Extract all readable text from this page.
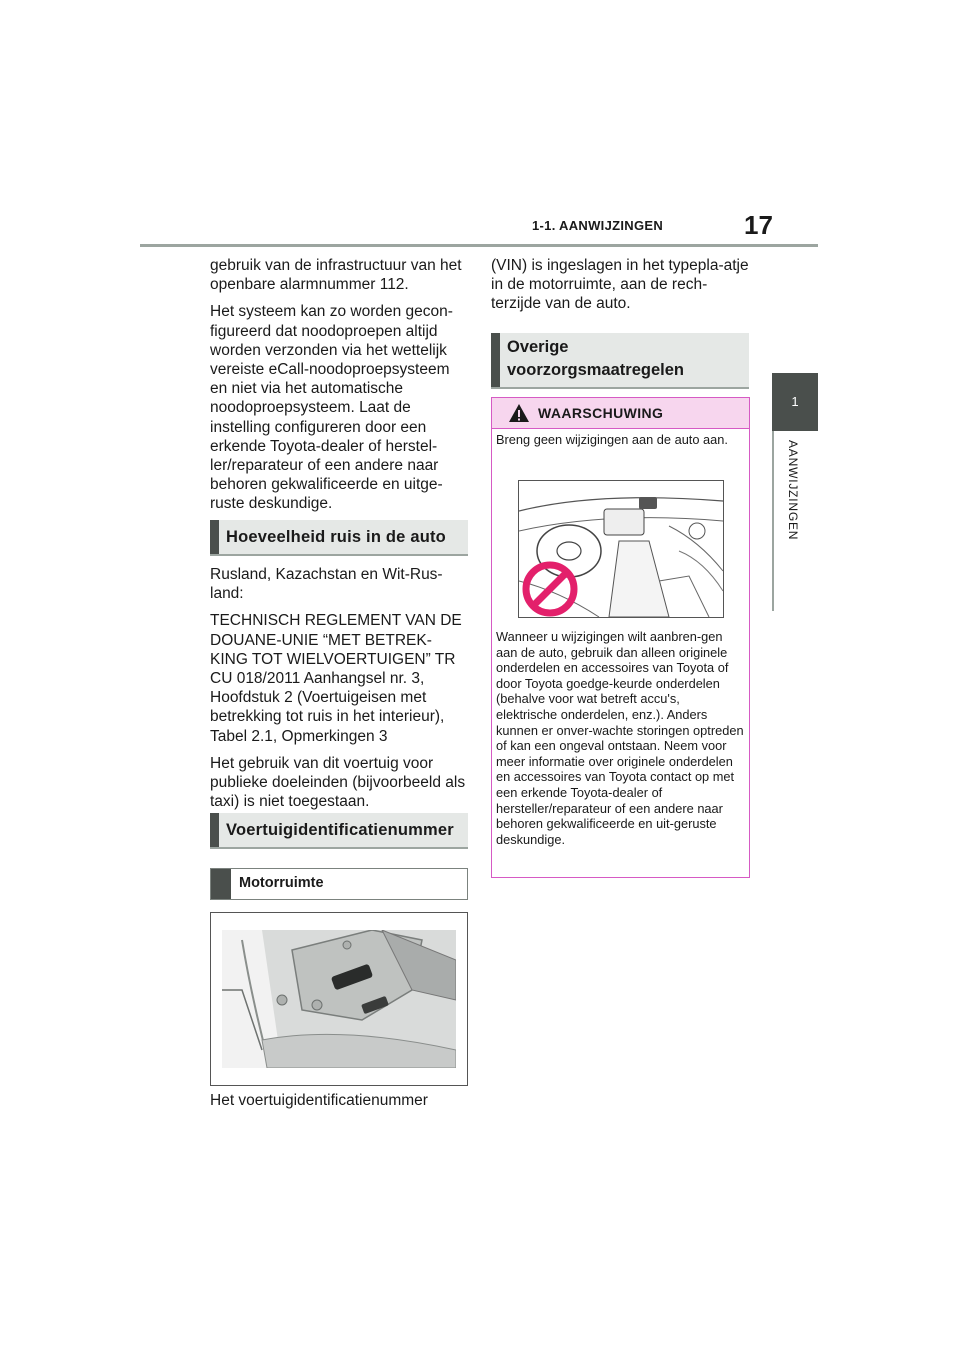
1-1. AANWIJZINGEN	17
1
AANWIJZINGEN

gebruik van de infrastructuur van het openbare alarmnummer 112.

Het systeem kan zo worden gecon-figureerd dat noodoproepen altijd worden verzonden via het wettelijk vereiste eCall-noodoproepsysteem en niet via het automatische noodoproepsysteem. Laat de instelling configureren door een erkende Toyota-dealer of herstel-ler/reparateur of een andere naar behoren gekwalificeerde en uitge-ruste deskundige.

Hoeveelheid ruis in de auto

Rusland, Kazachstan en Wit-Rus-land:

TECHNISCH REGLEMENT VAN DE DOUANE-UNIE “MET BETREK-KING TOT WIELVOERTUIGEN” TR CU 018/2011 Aanhangsel nr. 3, Hoofdstuk 2 (Voertuigeisen met betrekking tot ruis in het interieur), Tabel 2.1, Opmerkingen 3

Het gebruik van dit voertuig voor publieke doeleinden (bijvoorbeeld als taxi) is niet toegestaan.

Voertuigidentificatienummer
Motorruimte
Het voertuigidentificatienummer
(VIN) is ingeslagen in het typepla-atje in de motorruimte, aan de rech-terzijde van de auto.
Overige
voorzorgsmaatregelen
WAARSCHUWING
Breng geen wijzigingen aan de auto aan.
Wanneer u wijzigingen wilt aanbren-gen aan de auto, gebruik dan alleen originele onderdelen en accessoires van Toyota of door Toyota goedge-keurde onderdelen (behalve voor wat betreft accu's, elektrische onderdelen, enz.). Anders kunnen er onver-wachte storingen optreden of kan een ongeval ontstaan. Neem voor meer informatie over originele onderdelen en accessoires van Toyota contact op met een erkende Toyota-dealer of hersteller/reparateur of een andere naar behoren gekwalificeerde en uit-geruste deskundige.
